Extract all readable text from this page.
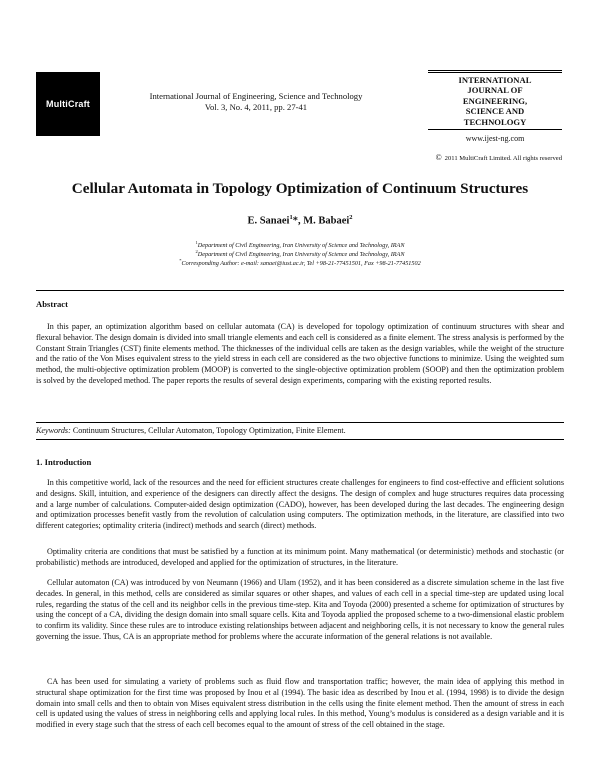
MultiCraft
International Journal of Engineering, Science and Technology
Vol. 3, No. 4, 2011, pp. 27-41
INTERNATIONAL
JOURNAL OF
ENGINEERING,
SCIENCE AND
TECHNOLOGY
www.ijest-ng.com
© 2011 MultiCraft Limited. All rights reserved
Cellular Automata in Topology Optimization of Continuum Structures
E. Sanaei$^1$*, M. Babaei$^2$
$^1$Department of Civil Engineering, Iran University of Science and Technology, IRAN
$^2$Department of Civil Engineering, Iran University of Science and Technology, IRAN
*Corresponding Author: e-mail: sanaei@iust.ac.ir, Tel +98-21-77451501, Fax +98-21-77451502
Abstract

In this paper, an optimization algorithm based on cellular automata (CA) is developed for topology optimization of continuum structures with shear and flexural behavior. The design domain is divided into small triangle elements and each cell is considered as a finite element. The stress analysis is performed by the Constant Strain Triangles (CST) finite elements method. The thicknesses of the individual cells are taken as the design variables, while the weight of the structure and the ratio of the Von Mises equivalent stress to the yield stress in each cell are considered as the two objective functions to minimize. Using the weighted sum method, the multi-objective optimization problem (MOOP) is converted to the single-objective optimization problem (SOOP) and then the optimization problem is solved by the developed method. The paper reports the results of several design experiments, comparing with the existing reported results.

Keywords: Continuum Structures, Cellular Automaton, Topology Optimization, Finite Element.
1. Introduction

In this competitive world, lack of the resources and the need for efficient structures create challenges for engineers to find cost-effective and efficient solutions and designs. Skill, intuition, and experience of the designers can directly affect the designs. The design of complex and huge structures requires data processing and a large number of calculations. Computer-aided design optimization (CADO), however, has been developed during the last decades. The engineering design and optimization processes benefit vastly from the revolution of calculation using computers. The optimization methods, in the literature, are classified into two different categories; optimality criteria (indirect) methods and search (direct) methods.

Optimality criteria are conditions that must be satisfied by a function at its minimum point. Many mathematical (or deterministic) methods and stochastic (or probabilistic) methods are introduced, developed and applied for the optimization of structures, in the literature.

Cellular automaton (CA) was introduced by von Neumann (1966) and Ulam (1952), and it has been considered as a discrete simulation scheme in the last five decades. In general, in this method, cells are considered as similar squares or other shapes, and values of each cell in a special time-step are updated using local rules, regarding the status of the cell and its neighbor cells in the previous time-step. Kita and Toyoda (2000) presented a scheme for optimization of structures by using the concept of a CA, dividing the design domain into small square cells. Kita and Toyoda applied the proposed scheme to a two-dimensional elastic problem to confirm its validity. Since these rules are to introduce existing relationships between adjacent and neighboring cells, it is not necessary to know the general rules governing the issue. Thus, CA is an appropriate method for problems where the accurate information of the general relations is not available.

CA has been used for simulating a variety of problems such as fluid flow and transportation traffic; however, the main idea of applying this method in structural shape optimization for the first time was proposed by Inou et al (1994). The basic idea as described by Inou et al. (1994, 1998) is to divide the design domain into small cells and then to obtain von Mises equivalent stress distribution in the cells using the finite element method. Then the amount of stress in each cell is updated using the values of stress in neighboring cells and applying local rules. In this method, Young’s modulus is considered as a design variable and it is modified in every stage such that the stress of each cell becomes equal to the amount of stress of the cell obtained in the stage.
